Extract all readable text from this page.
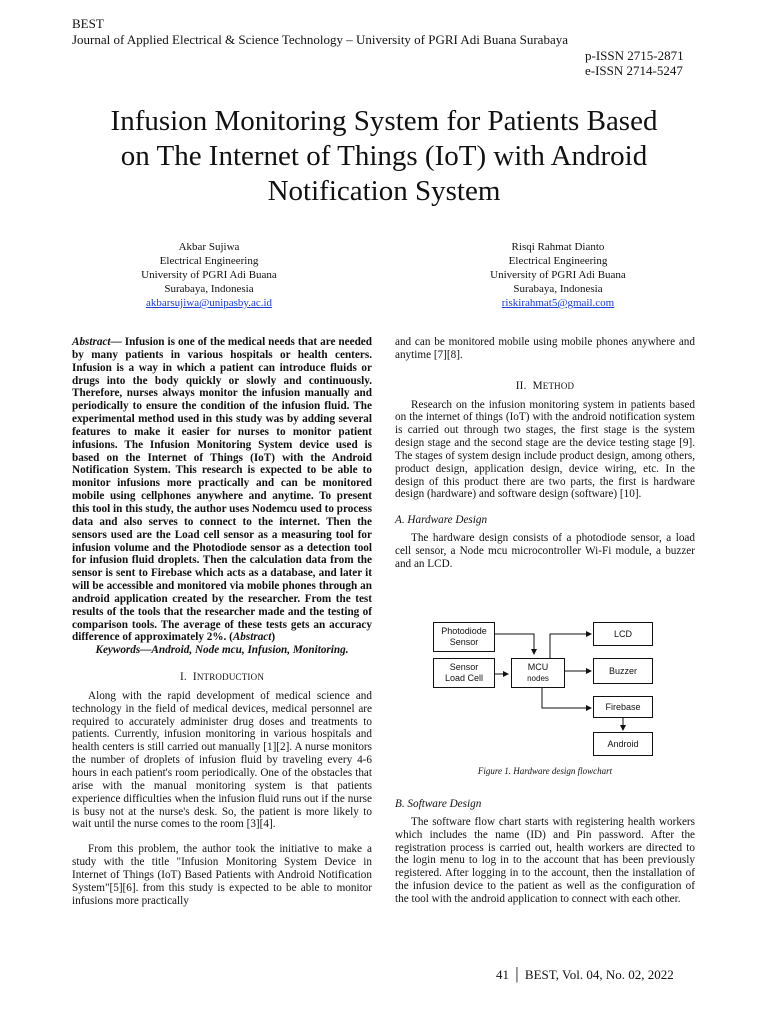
BEST
Journal of Applied Electrical & Science Technology – University of PGRI Adi Buana Surabaya
p-ISSN 2715-2871
e-ISSN 2714-5247
Infusion Monitoring System for Patients Based
on The Internet of Things (IoT) with Android
Notification System
Akbar Sujiwa
Electrical Engineering
University of PGRI Adi Buana
Surabaya, Indonesia
akbarsujiwa@unipasby.ac.id
Risqi Rahmat Dianto
Electrical Engineering
University of PGRI Adi Buana
Surabaya, Indonesia
riskirahmat5@gmail.com

Abstract— Infusion is one of the medical needs that are needed by many patients in various hospitals or health centers. Infusion is a way in which a patient can introduce fluids or drugs into the body quickly or slowly and continuously. Therefore, nurses always monitor the infusion manually and periodically to ensure the condition of the infusion fluid. The experimental method used in this study was by adding several features to make it easier for nurses to monitor patient infusions. The Infusion Monitoring System device used is based on the Internet of Things (IoT) with the Android Notification System. This research is expected to be able to monitor infusions more practically and can be monitored mobile using cellphones anywhere and anytime. To present this tool in this study, the author uses Nodemcu used to process data and also serves to connect to the internet. Then the sensors used are the Load cell sensor as a measuring tool for infusion volume and the Photodiode sensor as a detection tool for infusion fluid droplets. Then the calculation data from the sensor is sent to Firebase which acts as a database, and later it will be accessible and monitored via mobile phones through an android application created by the researcher. From the test results of the tools that the researcher made and the testing of comparison tools. The average of these tests gets an accuracy difference of approximately 2%. (Abstract)

Keywords—Android, Node mcu, Infusion, Monitoring.

I. INTRODUCTION

Along with the rapid development of medical science and technology in the field of medical devices, medical personnel are required to accurately administer drug doses and treatments to patients. Currently, infusion monitoring in various hospitals and health centers is still carried out manually [1][2]. A nurse monitors the number of droplets of infusion fluid by traveling every 4-6 hours in each patient's room periodically. One of the obstacles that arise with the manual monitoring system is that patients experience difficulties when the infusion fluid runs out if the nurse is busy not at the nurse's desk. So, the patient is more likely to wait until the nurse comes to the room [3][4].

From this problem, the author took the initiative to make a study with the title "Infusion Monitoring System Device in Internet of Things (IoT) Based Patients with Android Notification System"[5][6]. from this study is expected to be able to monitor infusions more practically

and can be monitored mobile using mobile phones anywhere and anytime [7][8].

II. METHOD

Research on the infusion monitoring system in patients based on the internet of things (IoT) with the android notification system is carried out through two stages, the first stage is the system design stage and the second stage are the device testing stage [9]. The stages of system design include product design, among others, product design, application design, device wiring, etc. In the design of this product there are two parts, the first is hardware design (hardware) and software design (software) [10].

A. Hardware Design

The hardware design consists of a photodiode sensor, a load cell sensor, a Node mcu microcontroller Wi-Fi module, a buzzer and an LCD.

Photodiode
Sensor
Sensor
Load Cell
MCU
nodes
LCD
Buzzer
Firebase
Android
Figure 1. Hardware design flowchart

B. Software Design

The software flow chart starts with registering health workers which includes the name (ID) and Pin password. After the registration process is carried out, health workers are directed to the login menu to log in to the account that has been previously registered. After logging in to the account, then the installation of the infusion device to the patient as well as the configuration of the tool with the android application to connect with each other.

41 | BEST, Vol. 04, No. 02, 2022
